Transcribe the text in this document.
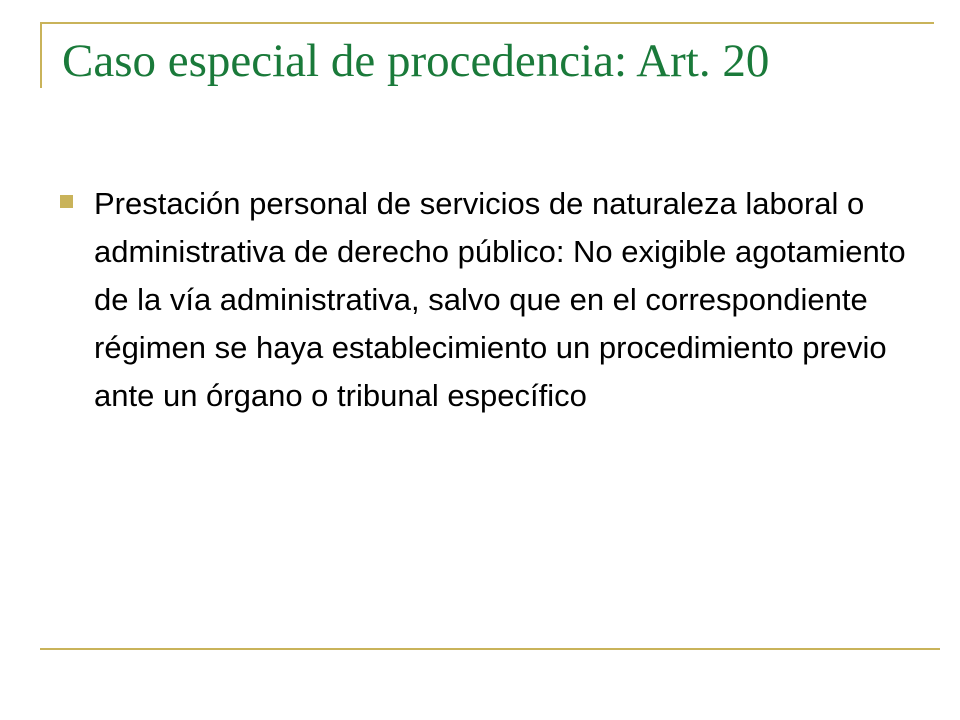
Caso especial de procedencia: Art. 20
Prestación personal de servicios de naturaleza laboral o administrativa de derecho público: No exigible agotamiento de la vía administrativa, salvo que en el correspondiente régimen se haya establecimiento un procedimiento previo ante un órgano o tribunal específico
